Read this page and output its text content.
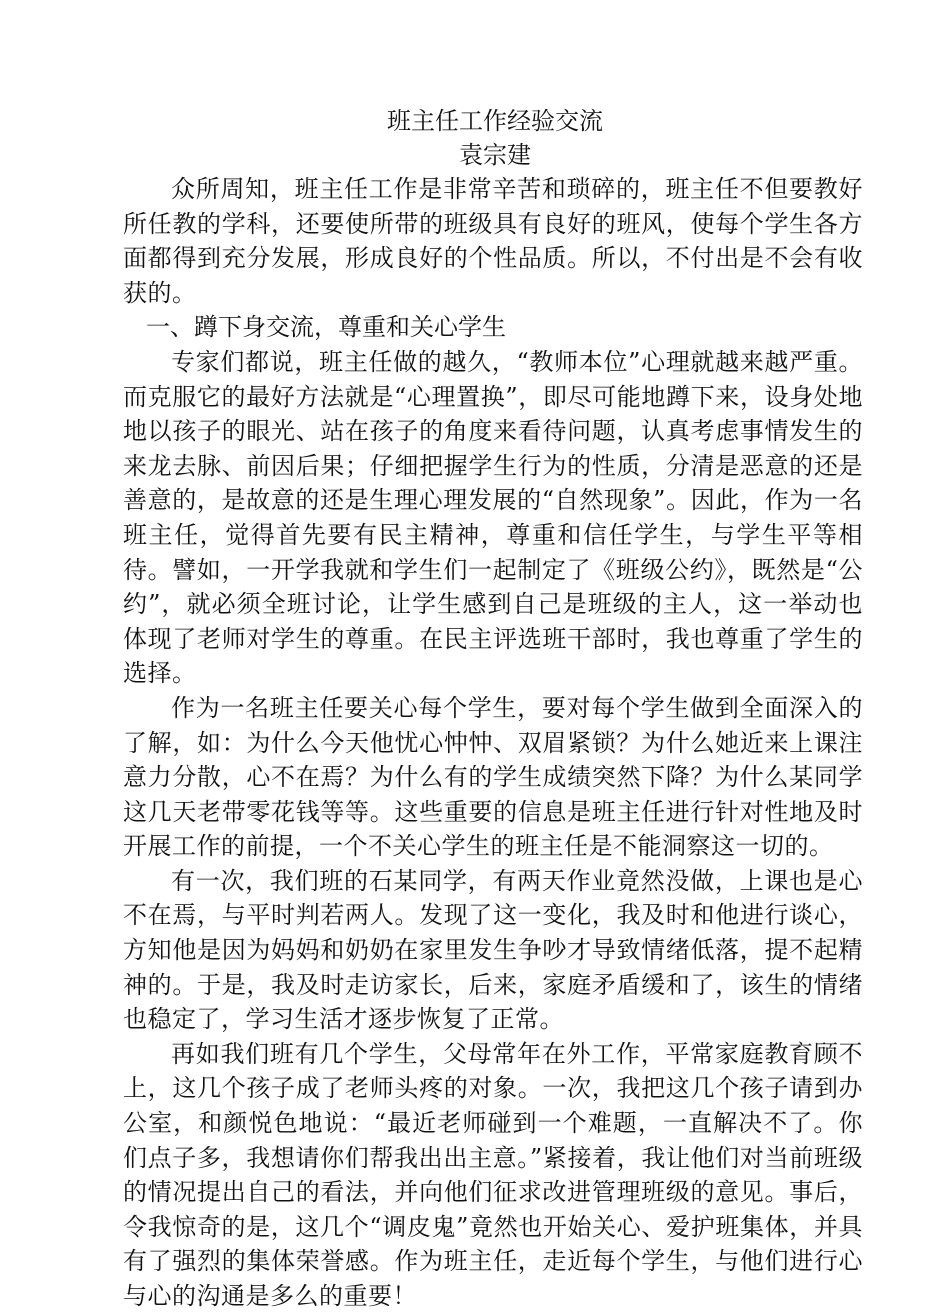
班主任工作经验交流
袁宗建

众所周知，班主任工作是非常辛苦和琐碎的，班主任不但要教好所任教的学科，还要使所带的班级具有良好的班风，使每个学生各方面都得到充分发展，形成良好的个性品质。所以，不付出是不会有收获的。

一、蹲下身交流，尊重和关心学生

专家们都说，班主任做的越久，“教师本位”心理就越来越严重。而克服它的最好方法就是“心理置换”，即尽可能地蹲下来，设身处地地以孩子的眼光、站在孩子的角度来看待问题，认真考虑事情发生的来龙去脉、前因后果；仔细把握学生行为的性质，分清是恶意的还是善意的，是故意的还是生理心理发展的“自然现象”。因此，作为一名班主任，觉得首先要有民主精神，尊重和信任学生，与学生平等相待。譬如，一开学我就和学生们一起制定了《班级公约》，既然是“公约”，就必须全班讨论，让学生感到自己是班级的主人，这一举动也体现了老师对学生的尊重。在民主评选班干部时，我也尊重了学生的选择。

作为一名班主任要关心每个学生，要对每个学生做到全面深入的了解，如：为什么今天他忧心忡忡、双眉紧锁？为什么她近来上课注意力分散，心不在焉？为什么有的学生成绩突然下降？为什么某同学这几天老带零花钱等等。这些重要的信息是班主任进行针对性地及时开展工作的前提，一个不关心学生的班主任是不能洞察这一切的。

有一次，我们班的石某同学，有两天作业竟然没做，上课也是心不在焉，与平时判若两人。发现了这一变化，我及时和他进行谈心，方知他是因为妈妈和奶奶在家里发生争吵才导致情绪低落，提不起精神的。于是，我及时走访家长，后来，家庭矛盾缓和了，该生的情绪也稳定了，学习生活才逐步恢复了正常。

再如我们班有几个学生，父母常年在外工作，平常家庭教育顾不上，这几个孩子成了老师头疼的对象。一次，我把这几个孩子请到办公室，和颜悦色地说：“最近老师碰到一个难题，一直解决不了。你们点子多，我想请你们帮我出出主意。”紧接着，我让他们对当前班级的情况提出自己的看法，并向他们征求改进管理班级的意见。事后，令我惊奇的是，这几个“调皮鬼”竟然也开始关心、爱护班集体，并具有了强烈的集体荣誉感。作为班主任，走近每个学生，与他们进行心与心的沟通是多么的重要！
